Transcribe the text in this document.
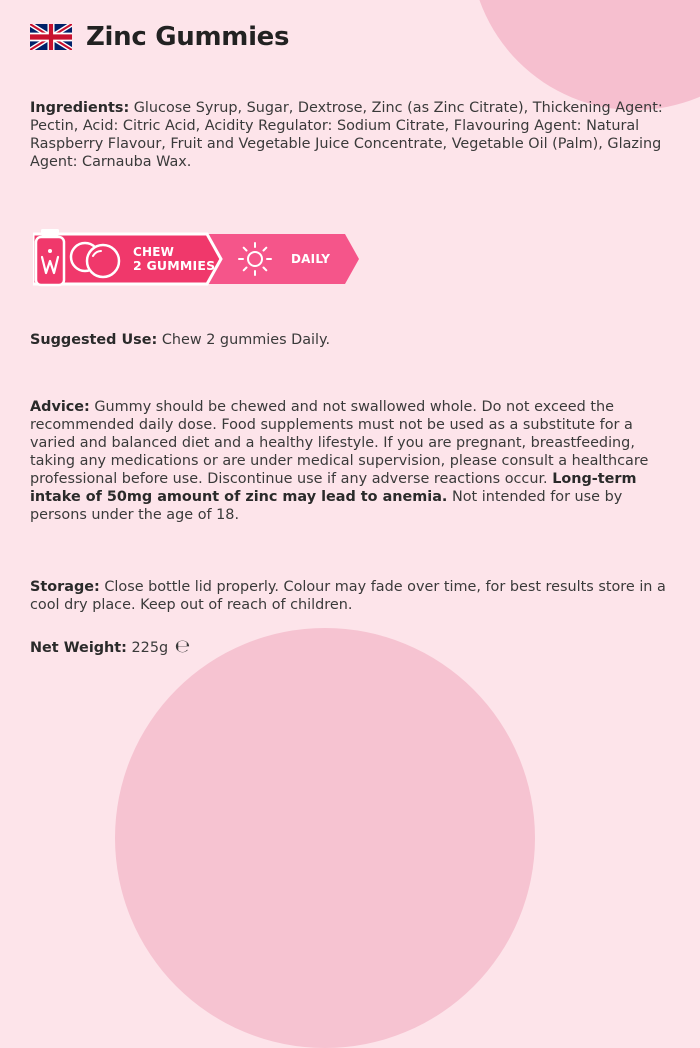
Zinc Gummies

Ingredients: Glucose Syrup, Sugar, Dextrose, Zinc (as Zinc Citrate), Thickening Agent: Pectin, Acid: Citric Acid, Acidity Regulator: Sodium Citrate, Flavouring Agent: Natural Raspberry Flavour, Fruit and Vegetable Juice Concentrate, Vegetable Oil (Palm), Glazing Agent: Carnauba Wax.

CHEW
2 GUMMIES	DAILY

Suggested Use: Chew 2 gummies Daily.

Advice: Gummy should be chewed and not swallowed whole. Do not exceed the recommended daily dose. Food supplements must not be used as a substitute for a varied and balanced diet and a healthy lifestyle. If you are pregnant, breastfeeding, taking any medications or are under medical supervision, please consult a healthcare professional before use. Discontinue use if any adverse reactions occur. Long-term intake of 50mg amount of zinc may lead to anemia. Not intended for use by persons under the age of 18.

Storage: Close bottle lid properly. Colour may fade over time, for best results store in a cool dry place. Keep out of reach of children.

Net Weight: 225g ℮
